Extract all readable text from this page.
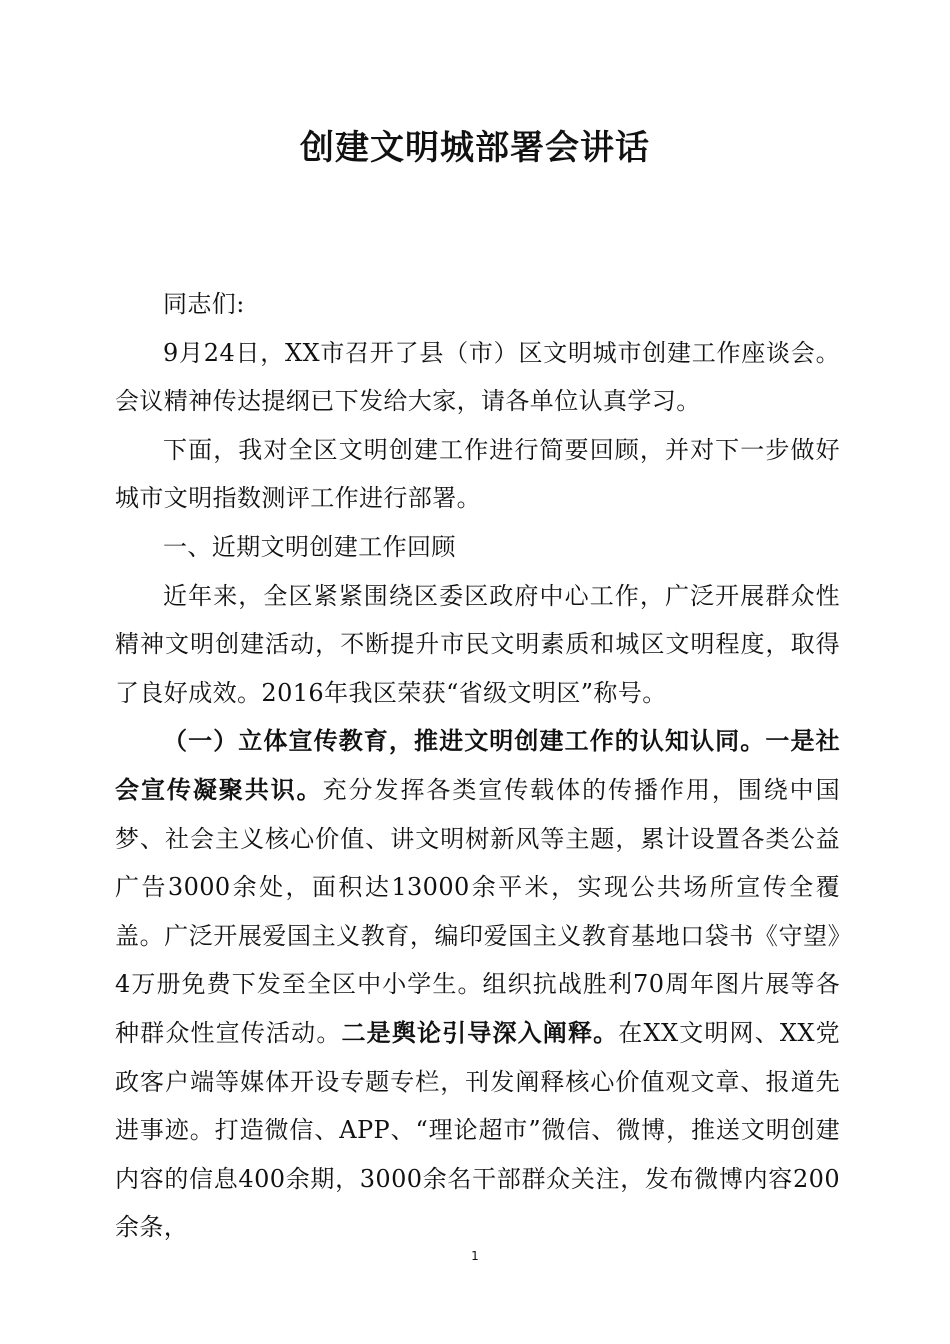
创建文明城部署会讲话

同志们:

9月24日，XX市召开了县（市）区文明城市创建工作座谈会。会议精神传达提纲已下发给大家，请各单位认真学习。

下面，我对全区文明创建工作进行简要回顾，并对下一步做好城市文明指数测评工作进行部署。

一、近期文明创建工作回顾

近年来，全区紧紧围绕区委区政府中心工作，广泛开展群众性精神文明创建活动，不断提升市民文明素质和城区文明程度，取得了良好成效。2016年我区荣获“省级文明区”称号。

（一）立体宣传教育，推进文明创建工作的认知认同。一是社会宣传凝聚共识。充分发挥各类宣传载体的传播作用，围绕中国梦、社会主义核心价值、讲文明树新风等主题，累计设置各类公益广告3000余处，面积达13000余平米，实现公共场所宣传全覆盖。广泛开展爱国主义教育，编印爱国主义教育基地口袋书《守望》4万册免费下发至全区中小学生。组织抗战胜利70周年图片展等各种群众性宣传活动。二是舆论引导深入阐释。在XX文明网、XX党政客户端等媒体开设专题专栏，刊发阐释核心价值观文章、报道先进事迹。打造微信、APP、“理论超市”微信、微博，推送文明创建内容的信息400余期，3000余名干部群众关注，发布微博内容200余条，

1
